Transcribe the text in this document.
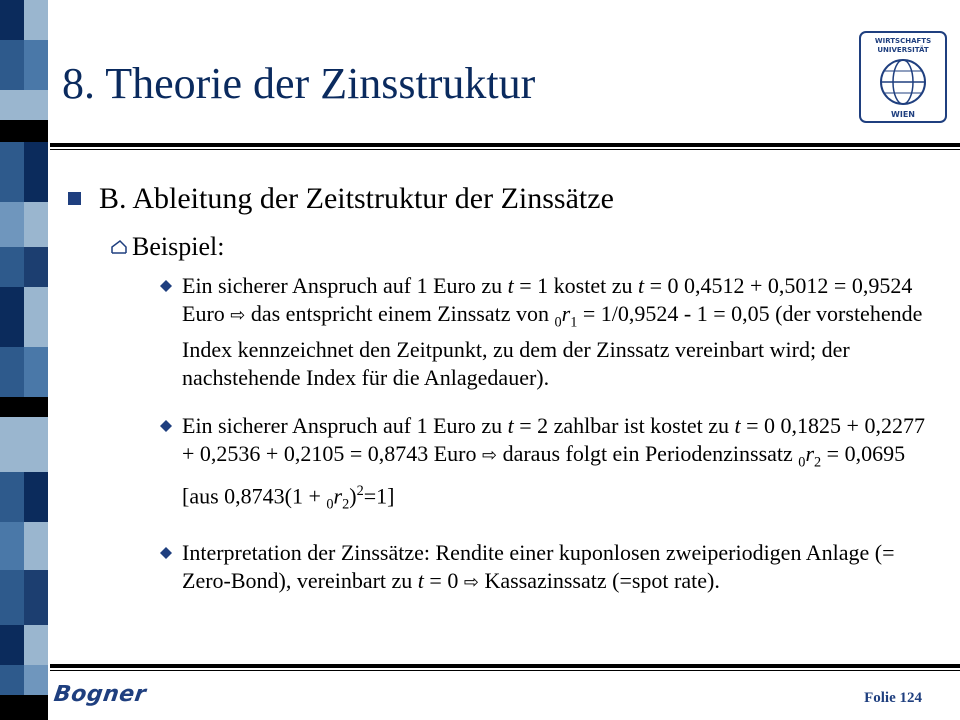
8. Theorie der Zinsstruktur
WIRTSCHAFTS
UNIVERSITÄT
WIEN
B. Ableitung der Zeitstruktur der Zinssätze
Beispiel:

Ein sicherer Anspruch auf 1 Euro zu t = 1 kostet zu t = 0 0,4512 + 0,5012 = 0,9524 Euro ⇨ das entspricht einem Zinssatz von $_0r_1 = 1/0,9524 - 1 = 0,05$ (der vorstehende Index kennzeichnet den Zeitpunkt, zu dem der Zinssatz vereinbart wird; der nachstehende Index für die Anlagedauer).

Ein sicherer Anspruch auf 1 Euro zu t = 2 zahlbar ist kostet zu t = 0 0,1825 + 0,2277 + 0,2536 + 0,2105 = 0,8743 Euro ⇨ daraus folgt ein Periodenzinssatz $_0r_2 = 0,0695$ [aus $0,8743(1 + _0r_2)^2=1$]

Interpretation der Zinssätze: Rendite einer kuponlosen zweiperiodigen Anlage (= Zero-Bond), vereinbart zu t = 0 ⇨ Kassazinssatz (=spot rate).

Bogner	Folie 124
